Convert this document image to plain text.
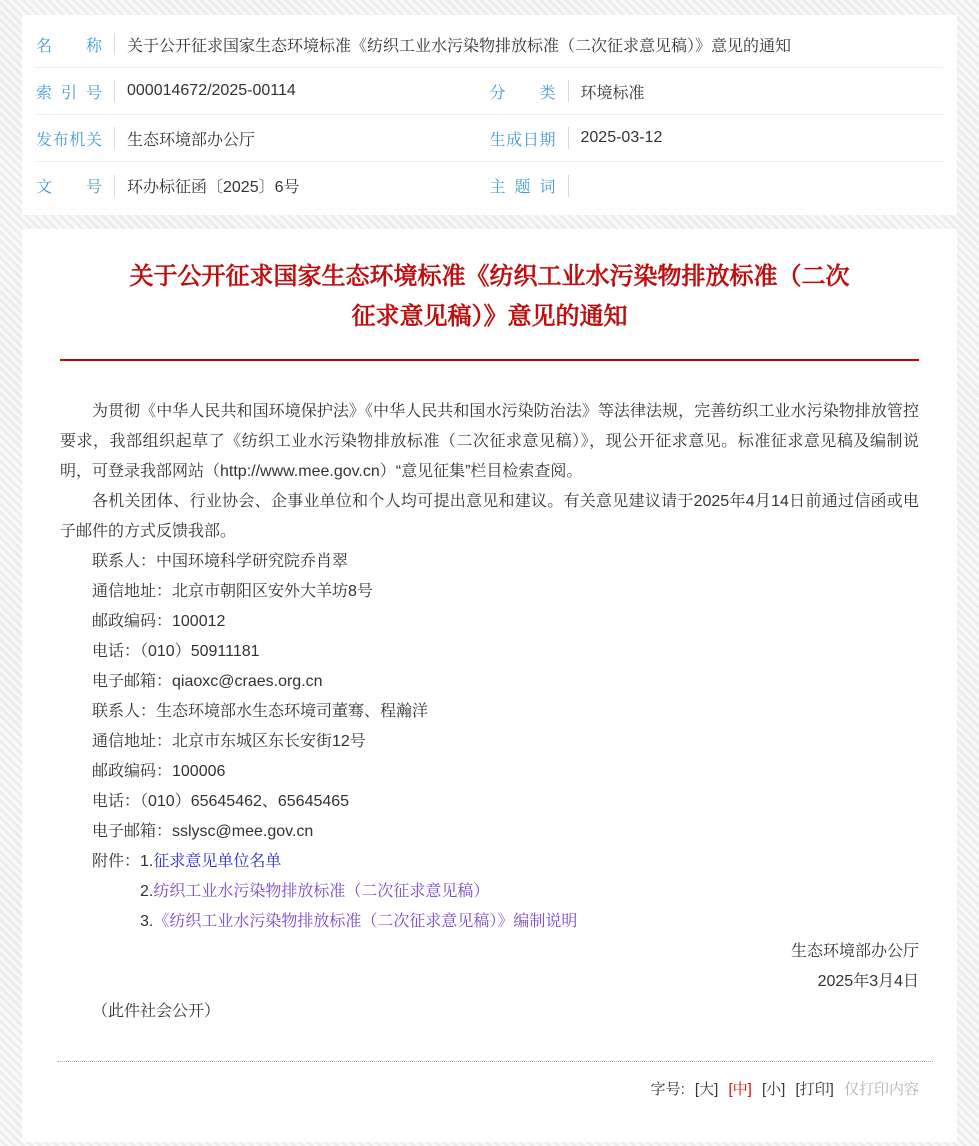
名称 关于公开征求国家生态环境标准《纺织工业水污染物排放标准（二次征求意见稿）》意见的通知
索引号 000014672/2025-00114	分类 环境标准
发布机关 生态环境部办公厅	生成日期 2025-03-12
文号 环办标征函〔2025〕6号	主题词
关于公开征求国家生态环境标准《纺织工业水污染物排放标准（二次征求意见稿）》意见的通知

为贯彻《中华人民共和国环境保护法》《中华人民共和国水污染防治法》等法律法规，完善纺织工业水污染物排放管控要求，我部组织起草了《纺织工业水污染物排放标准（二次征求意见稿）》，现公开征求意见。标准征求意见稿及编制说明，可登录我部网站（http://www.mee.gov.cn）“意见征集”栏目检索查阅。

各机关团体、行业协会、企事业单位和个人均可提出意见和建议。有关意见建议请于2025年4月14日前通过信函或电子邮件的方式反馈我部。

联系人：中国环境科学研究院乔肖翠
通信地址：北京市朝阳区安外大羊坊8号
邮政编码：100012
电话：（010）50911181
电子邮箱：qiaoxc@craes.org.cn
联系人：生态环境部水生态环境司董骞、程瀚洋
通信地址：北京市东城区东长安街12号
邮政编码：100006
电话：（010）65645462、65645465
电子邮箱：sslysc@mee.gov.cn
附件：1.征求意见单位名单
2.纺织工业水污染物排放标准（二次征求意见稿）
3.《纺织工业水污染物排放标准（二次征求意见稿）》编制说明
生态环境部办公厅
2025年3月4日
（此件社会公开）
字号: [大] [中] [小] [打印] 仅打印内容
